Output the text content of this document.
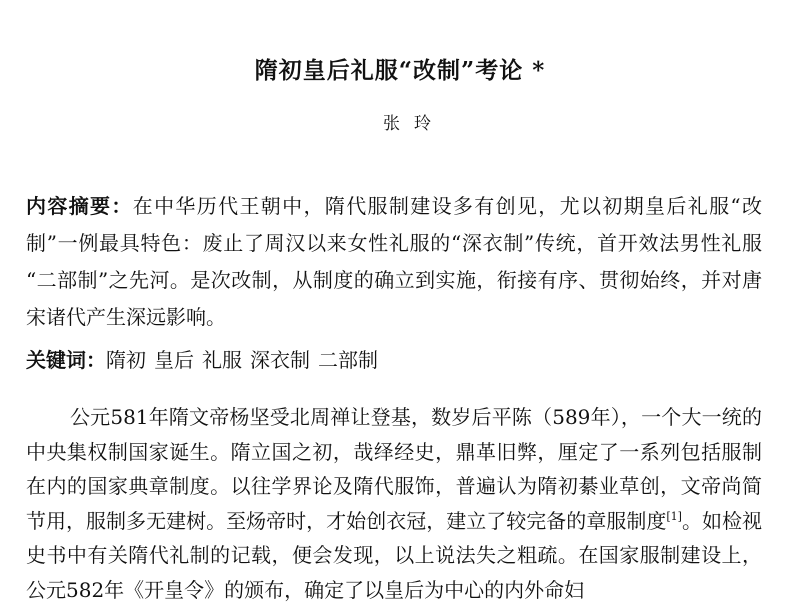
隋初皇后礼服“改制”考论 *
张玲
内容摘要：在中华历代王朝中，隋代服制建设多有创见，尤以初期皇后礼服“改制”一例最具特色：废止了周汉以来女性礼服的“深衣制”传统，首开效法男性礼服 “二部制”之先河。是次改制，从制度的确立到实施，衔接有序、贯彻始终，并对唐宋诸代产生深远影响。
关键词：隋初 皇后 礼服 深衣制 二部制
公元581年隋文帝杨坚受北周禅让登基，数岁后平陈（589年），一个大一统的中央集权制国家诞生。隋立国之初，哉绎经史，鼎革旧弊，厘定了一系列包括服制在内的国家典章制度。以往学界论及隋代服饰，普遍认为隋初綦业草创，文帝尚简节用，服制多无建树。至炀帝时，才始创衣冠，建立了较完备的章服制度[1]。如检视史书中有关隋代礼制的记载，便会发现，以上说法失之粗疏。在国家服制建设上，公元582年《开皇令》的颁布，确定了以皇后为中心的内外命妇
